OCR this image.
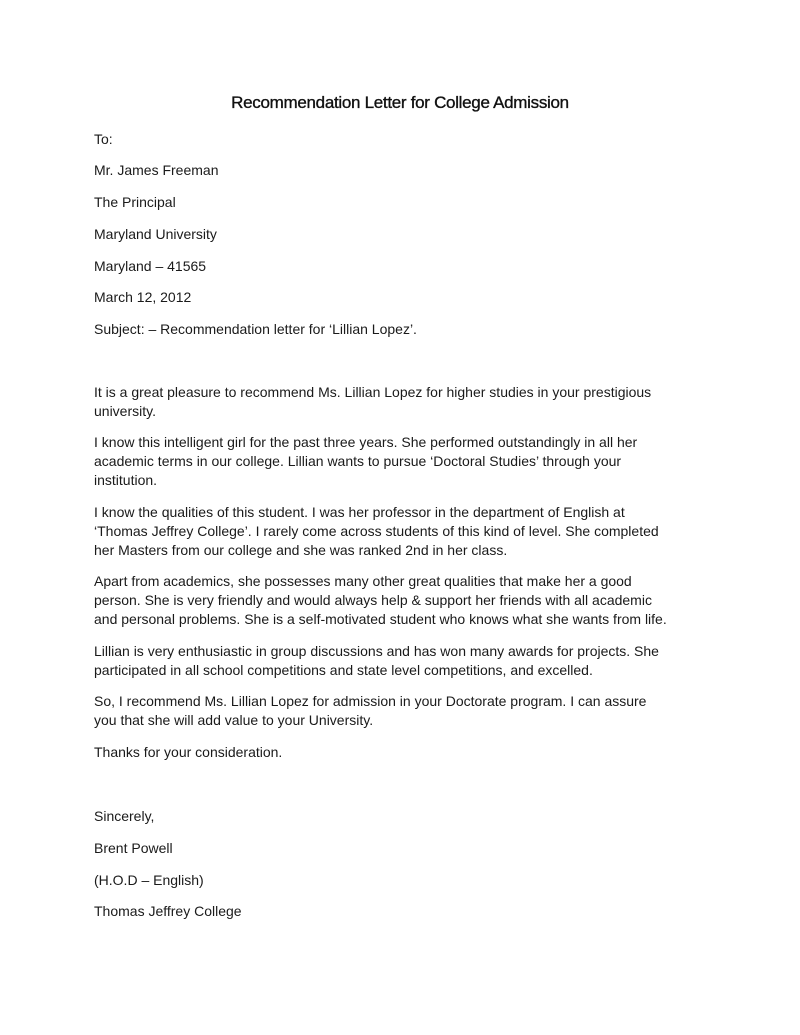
Recommendation Letter for College Admission
To:
Mr. James Freeman
The Principal
Maryland University
Maryland – 41565
March 12, 2012
Subject: – Recommendation letter for ‘Lillian Lopez’.
It is a great pleasure to recommend Ms. Lillian Lopez for higher studies in your prestigious
university.
I know this intelligent girl for the past three years. She performed outstandingly in all her
academic terms in our college. Lillian wants to pursue ‘Doctoral Studies’ through your
institution.
I know the qualities of this student. I was her professor in the department of English at
‘Thomas Jeffrey College’. I rarely come across students of this kind of level. She completed
her Masters from our college and she was ranked 2nd in her class.
Apart from academics, she possesses many other great qualities that make her a good
person. She is very friendly and would always help & support her friends with all academic
and personal problems. She is a self-motivated student who knows what she wants from life.
Lillian is very enthusiastic in group discussions and has won many awards for projects. She
participated in all school competitions and state level competitions, and excelled.
So, I recommend Ms. Lillian Lopez for admission in your Doctorate program. I can assure
you that she will add value to your University.
Thanks for your consideration.
Sincerely,
Brent Powell
(H.O.D – English)
Thomas Jeffrey College
